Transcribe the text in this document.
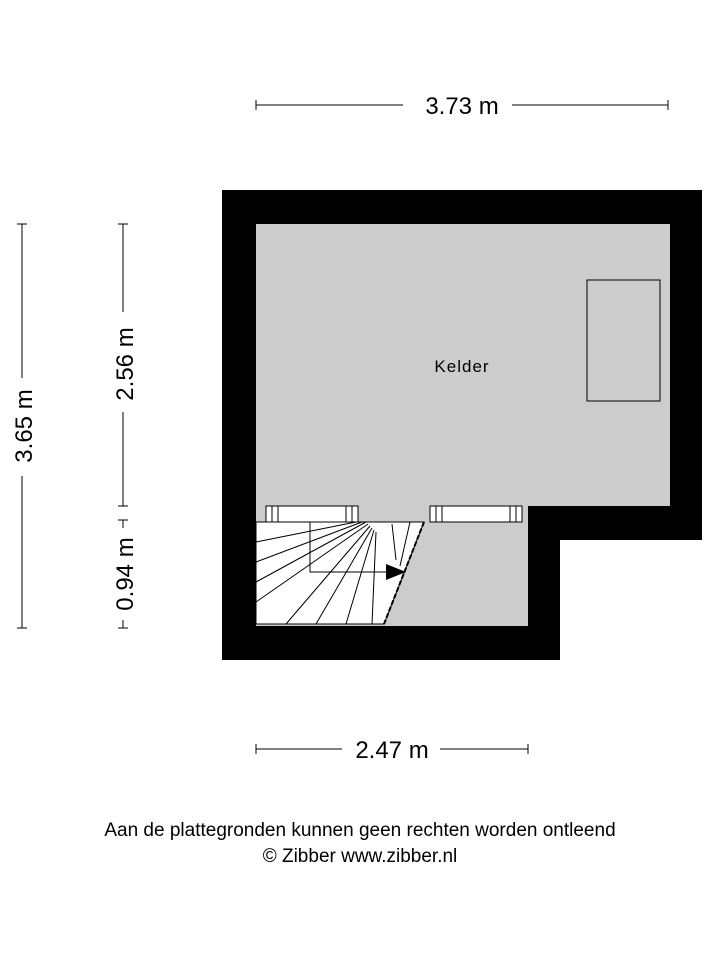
Kelder
3.73 m
2.47 m
3.65 m
2.56 m
0.94 m
Aan de plattegronden kunnen geen rechten worden ontleend
© Zibber www.zibber.nl
